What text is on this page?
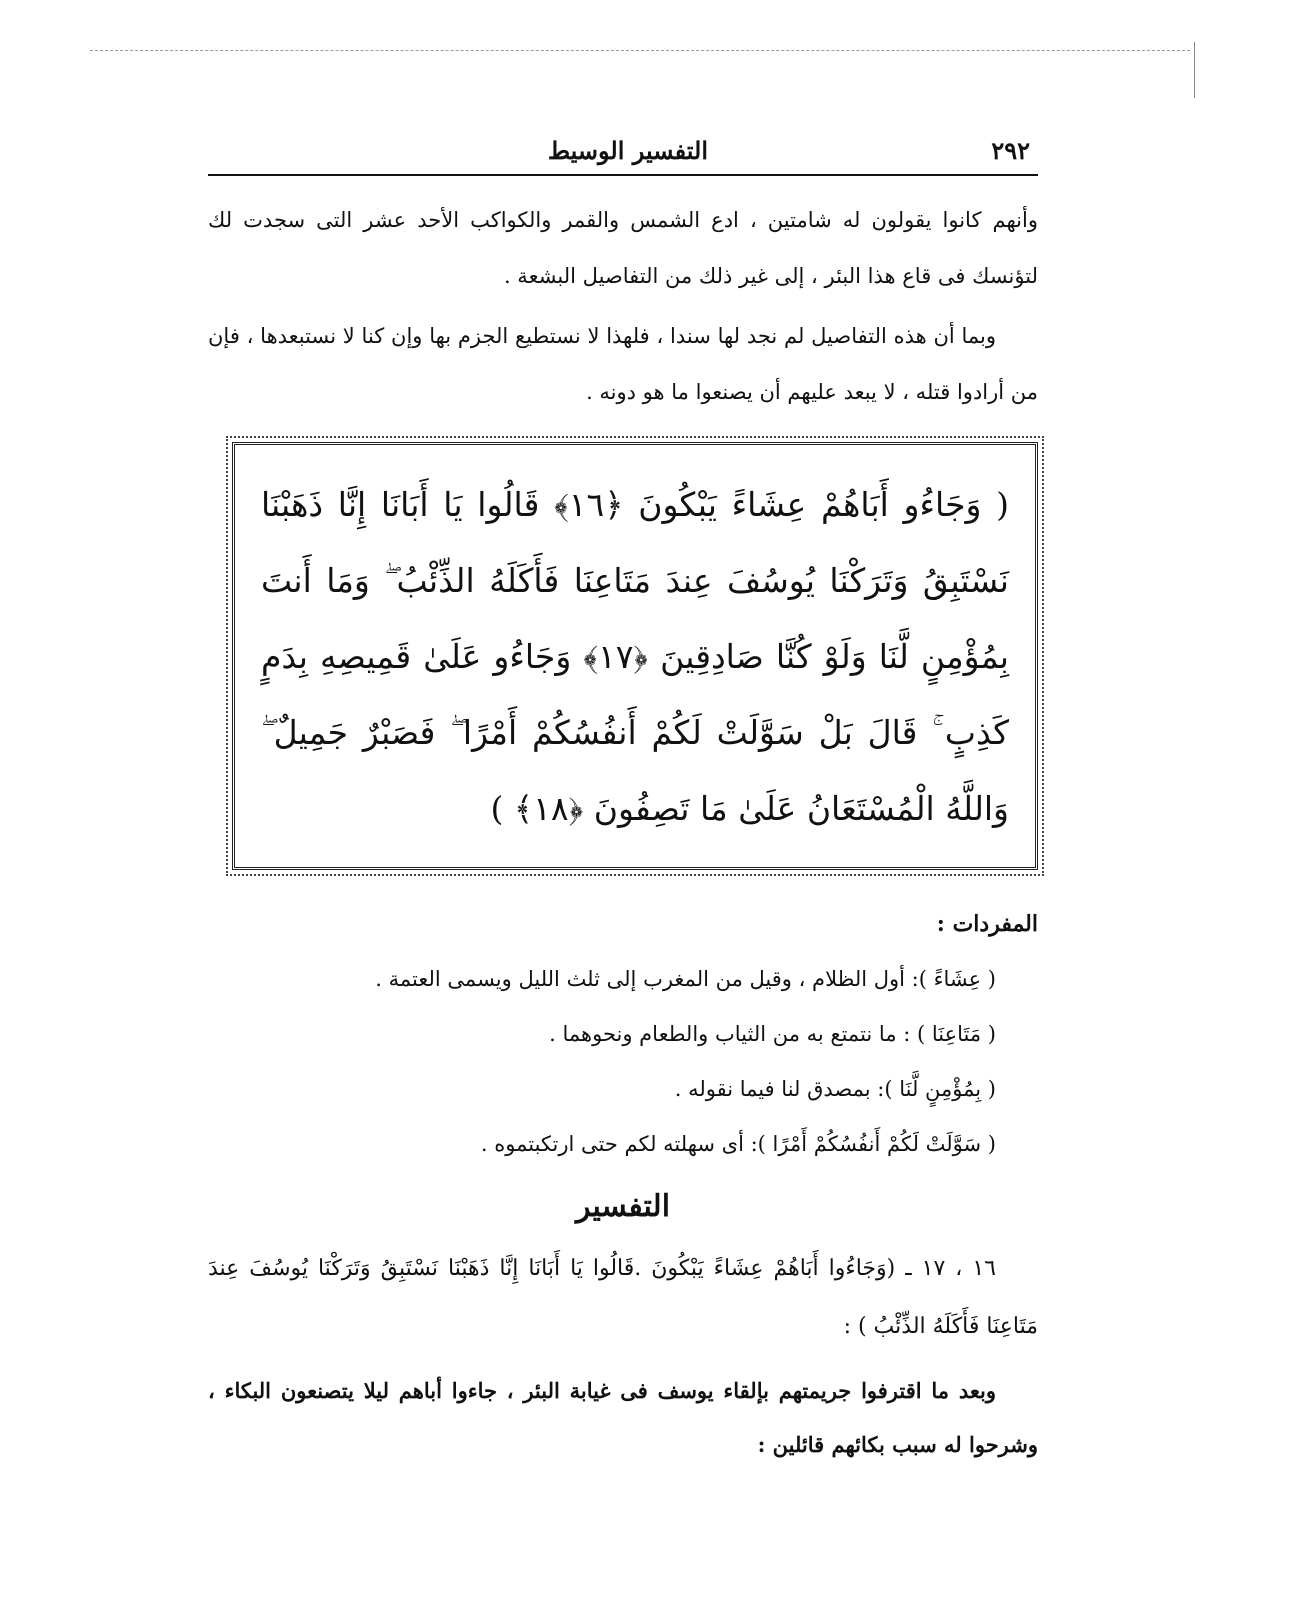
٢٩٢
التفسير الوسيط

وأنهم كانوا يقولون له شامتين ، ادع الشمس والقمر والكواكب الأحد عشر التى سجدت لك لتؤنسك فى قاع هذا البئر ، إلى غير ذلك من التفاصيل البشعة .

وبما أن هذه التفاصيل لم نجد لها سندا ، فلهذا لا نستطيع الجزم بها وإن كنا لا نستبعدها ، فإن من أرادوا قتله ، لا يبعد عليهم أن يصنعوا ما هو دونه .

( وَجَاءُو أَبَاهُمْ عِشَاءً يَبْكُونَ ﴿١٦﴾ قَالُوا يَا أَبَانَا إِنَّا ذَهَبْنَا نَسْتَبِقُ وَتَرَكْنَا يُوسُفَ عِندَ مَتَاعِنَا فَأَكَلَهُ الذِّئْبُ ۖ وَمَا أَنتَ بِمُؤْمِنٍ لَّنَا وَلَوْ كُنَّا صَادِقِينَ ﴿١٧﴾ وَجَاءُو عَلَىٰ قَمِيصِهِ بِدَمٍ كَذِبٍ ۚ قَالَ بَلْ سَوَّلَتْ لَكُمْ أَنفُسُكُمْ أَمْرًا ۖ فَصَبْرٌ جَمِيلٌ ۖ وَاللَّهُ الْمُسْتَعَانُ عَلَىٰ مَا تَصِفُونَ ﴿١٨﴾ )
المفردات :
( عِشَاءً ): أول الظلام ، وقيل من المغرب إلى ثلث الليل ويسمى العتمة .
( مَتَاعِنَا ) : ما نتمتع به من الثياب والطعام ونحوهما .
( بِمُؤْمِنٍ لَّنَا ): بمصدق لنا فيما نقوله .
( سَوَّلَتْ لَكُمْ أَنفُسُكُمْ أَمْرًا ): أى سهلته لكم حتى ارتكبتموه .
التفسير

١٦ ، ١٧ ـ (وَجَاءُوا أَبَاهُمْ عِشَاءً يَبْكُونَ .قَالُوا يَا أَبَانَا إِنَّا ذَهَبْنَا نَسْتَبِقُ وَتَرَكْنَا يُوسُفَ عِندَ مَتَاعِنَا فَأَكَلَهُ الذِّئْبُ ) :

وبعد ما اقترفوا جريمتهم بإلقاء يوسف فى غيابة البئر ، جاءوا أباهم ليلا يتصنعون البكاء ، وشرحوا له سبب بكائهم قائلين :
